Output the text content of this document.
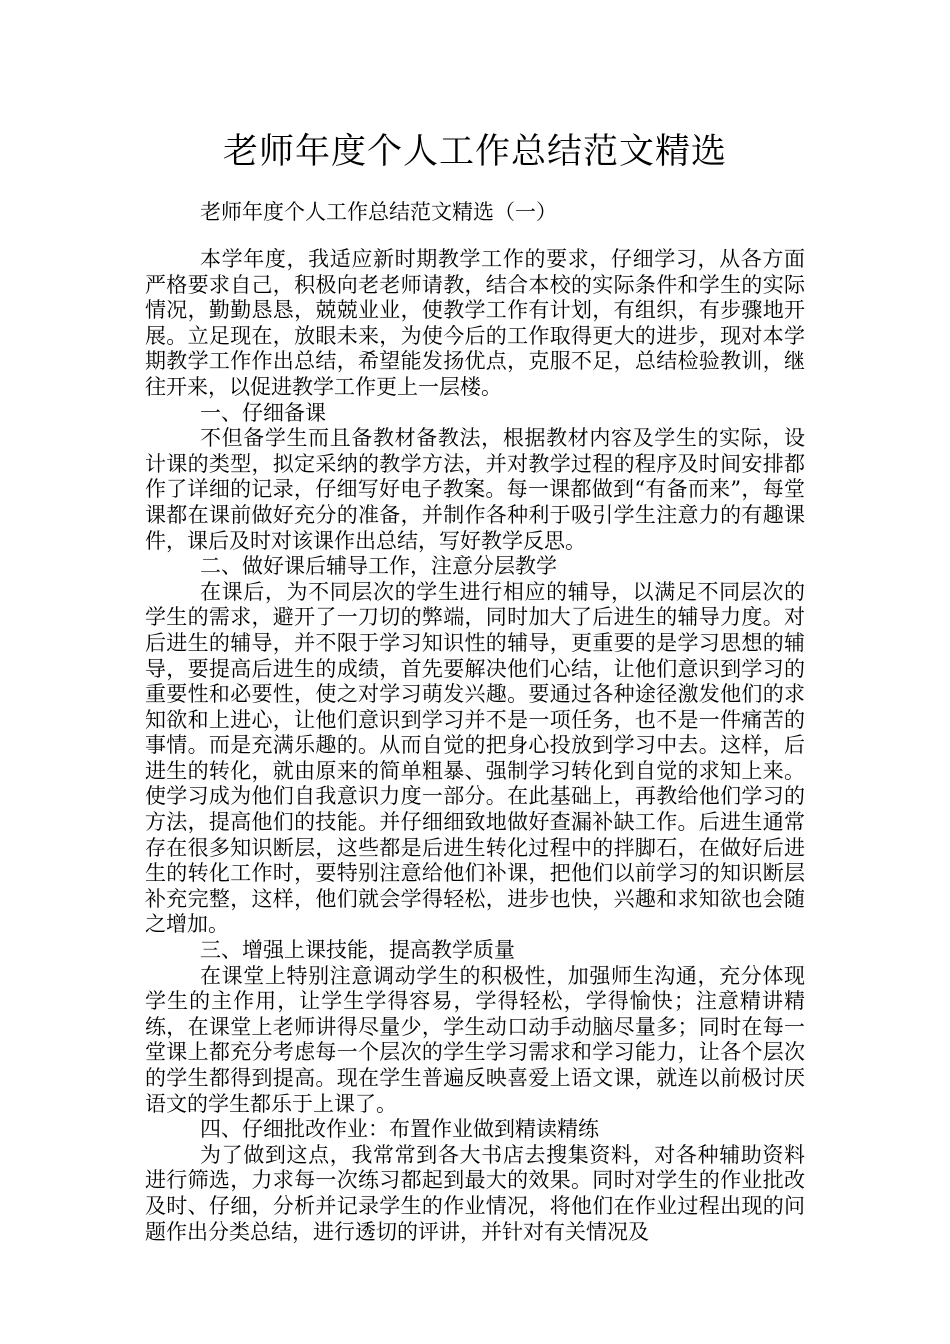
老师年度个人工作总结范文精选

老师年度个人工作总结范文精选（一）

本学年度，我适应新时期教学工作的要求，仔细学习，从各方面严格要求自己，积极向老老师请教，结合本校的实际条件和学生的实际情况，勤勤恳恳，兢兢业业，使教学工作有计划，有组织，有步骤地开展。立足现在，放眼未来，为使今后的工作取得更大的进步，现对本学期教学工作作出总结，希望能发扬优点，克服不足，总结检验教训，继往开来，以促进教学工作更上一层楼。

一、仔细备课

不但备学生而且备教材备教法，根据教材内容及学生的实际，设计课的类型，拟定采纳的教学方法，并对教学过程的程序及时间安排都作了详细的记录，仔细写好电子教案。每一课都做到“有备而来”，每堂课都在课前做好充分的准备，并制作各种利于吸引学生注意力的有趣课件，课后及时对该课作出总结，写好教学反思。

二、做好课后辅导工作，注意分层教学

在课后，为不同层次的学生进行相应的辅导，以满足不同层次的学生的需求，避开了一刀切的弊端，同时加大了后进生的辅导力度。对后进生的辅导，并不限于学习知识性的辅导，更重要的是学习思想的辅导，要提高后进生的成绩，首先要解决他们心结，让他们意识到学习的重要性和必要性，使之对学习萌发兴趣。要通过各种途径激发他们的求知欲和上进心，让他们意识到学习并不是一项任务，也不是一件痛苦的事情。而是充满乐趣的。从而自觉的把身心投放到学习中去。这样，后进生的转化，就由原来的简单粗暴、强制学习转化到自觉的求知上来。使学习成为他们自我意识力度一部分。在此基础上，再教给他们学习的方法，提高他们的技能。并仔细细致地做好查漏补缺工作。后进生通常存在很多知识断层，这些都是后进生转化过程中的拌脚石，在做好后进生的转化工作时，要特别注意给他们补课，把他们以前学习的知识断层补充完整，这样，他们就会学得轻松，进步也快，兴趣和求知欲也会随之增加。

三、增强上课技能，提高教学质量

在课堂上特别注意调动学生的积极性，加强师生沟通，充分体现学生的主作用，让学生学得容易，学得轻松，学得愉快；注意精讲精练，在课堂上老师讲得尽量少，学生动口动手动脑尽量多；同时在每一堂课上都充分考虑每一个层次的学生学习需求和学习能力，让各个层次的学生都得到提高。现在学生普遍反映喜爱上语文课，就连以前极讨厌语文的学生都乐于上课了。

四、仔细批改作业：布置作业做到精读精练

为了做到这点，我常常到各大书店去搜集资料，对各种辅助资料进行筛选，力求每一次练习都起到最大的效果。同时对学生的作业批改及时、仔细，分析并记录学生的作业情况，将他们在作业过程出现的问题作出分类总结，进行透切的评讲，并针对有关情况及
